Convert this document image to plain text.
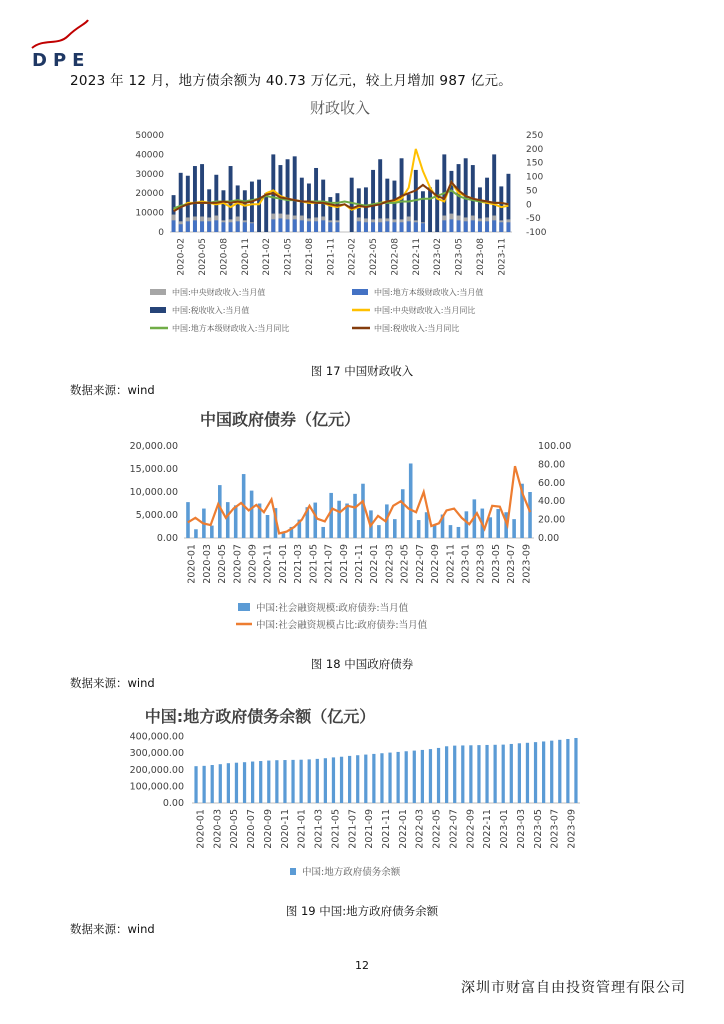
DPE
2023 年 12 月，地方债余额为 40.73 万亿元，较上月增加 987 亿元。
财政收入
0
10000
20000
30000
40000
50000
-100
-50
0
50
100
150
200
250
2020-02 2020-05 2020-08 2020-11 2021-02 2021-05 2021-08 2021-11 2022-02 2022-05 2022-08 2022-11 2023-02 2023-05 2023-08 2023-11
中国:中央财政收入:当月值	中国:地方本级财政收入:当月值
中国:税收收入:当月值	中国:中央财政收入:当月同比
中国:地方本级财政收入:当月同比	中国:税收收入:当月同比
图 17 中国财政收入
数据来源：wind
中国政府债券（亿元）
0.00
5,000.00
10,000.00
15,000.00
20,000.00
0.00
20.00
40.00
60.00
80.00
100.00
2020-01 2020-03 2020-05 2020-07 2020-09 2020-11 2021-01 2021-03 2021-05 2021-07 2021-09 2021-11 2022-01 2022-03 2022-05 2022-07 2022-09 2022-11 2023-01 2023-03 2023-05 2023-07 2023-09
中国:社会融资规模:政府债券:当月值
中国:社会融资规模占比:政府债券:当月值
图 18 中国政府债券
数据来源：wind
中国:地方政府债务余额（亿元）
0.00
100,000.00
200,000.00
300,000.00
400,000.00
2020-01 2020-03 2020-05 2020-07 2020-09 2020-11 2021-01 2021-03 2021-05 2021-07 2021-09 2021-11 2022-01 2022-03 2022-05 2022-07 2022-09 2022-11 2023-01 2023-03 2023-05 2023-07 2023-09
中国:地方政府债务余额
图 19 中国:地方政府债务余额
数据来源：wind
12
深圳市财富自由投资管理有限公司
